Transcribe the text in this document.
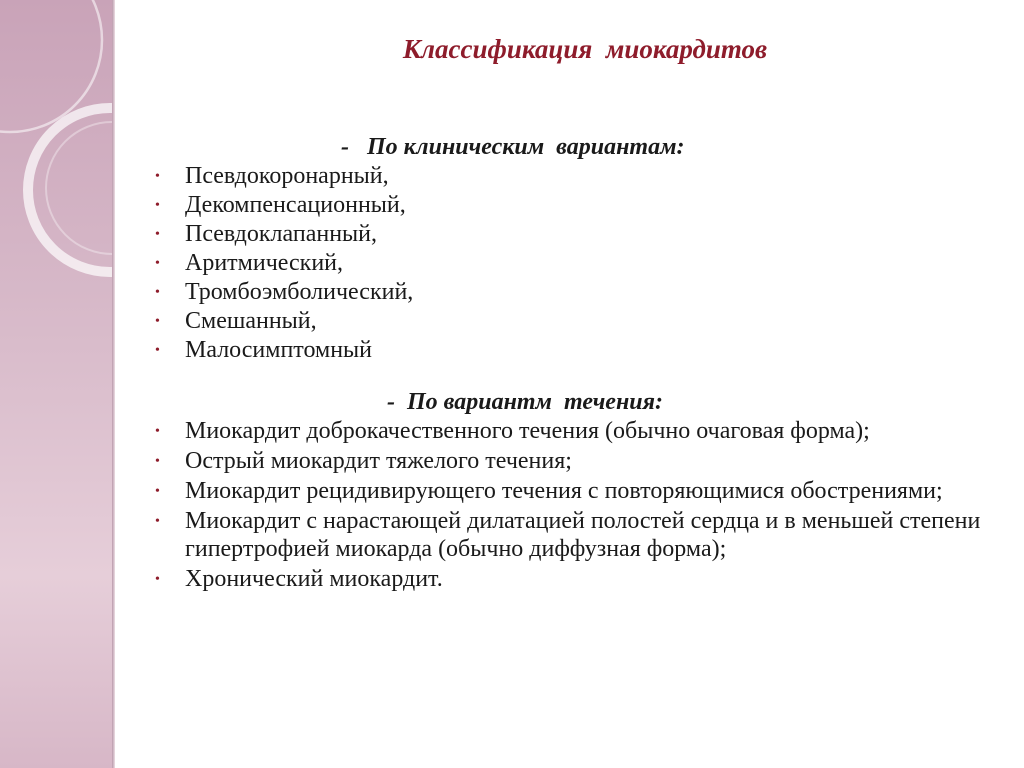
Классификация  миокардитов

-   По клиническим  вариантам:

•	Псевдокоронарный,
•	Декомпенсационный,
•	Псевдоклапанный,
•	Аритмический,
•	Тромбоэмболический,
•	Смешанный,
•	Малосимптомный

-  По вариантм  течения:

•	Миокардит доброкачественного течения (обычно очаговая форма);
•	Острый миокардит тяжелого течения;
•	Миокардит рецидивирующего течения с повторяющимися обострениями;
•	Миокардит с нарастающей дилатацией полостей сердца и в меньшей степени гипертрофией миокарда (обычно диффузная форма);
•	Хронический миокардит.
